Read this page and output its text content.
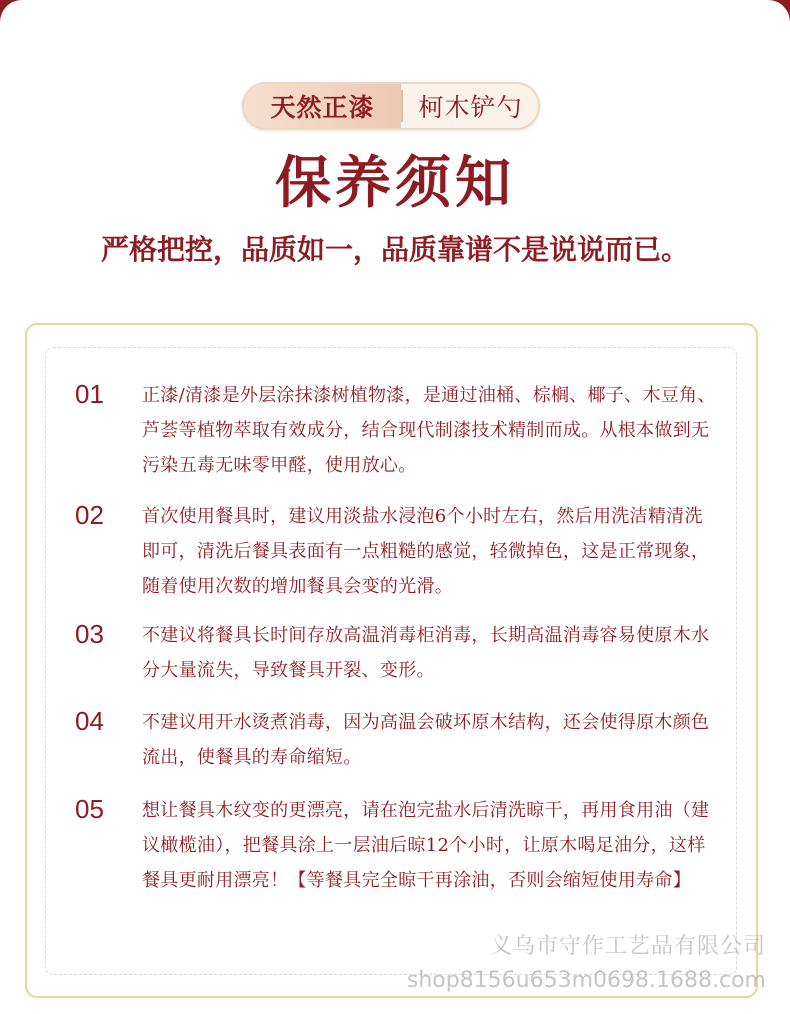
天然正漆	柯木铲勺
保养须知
严格把控，品质如一，品质靠谱不是说说而已。
01 正漆/清漆是外层涂抹漆树植物漆，是通过油桶、棕榈、椰子、木豆角、芦荟等植物萃取有效成分，结合现代制漆技术精制而成。从根本做到无污染五毒无味零甲醛，使用放心。
02 首次使用餐具时，建议用淡盐水浸泡6个小时左右，然后用洗洁精清洗即可，清洗后餐具表面有一点粗糙的感觉，轻微掉色，这是正常现象，随着使用次数的增加餐具会变的光滑。
03 不建议将餐具长时间存放高温消毒柜消毒，长期高温消毒容易使原木水分大量流失，导致餐具开裂、变形。
04 不建议用开水烫煮消毒，因为高温会破坏原木结构，还会使得原木颜色流出，使餐具的寿命缩短。
05 想让餐具木纹变的更漂亮，请在泡完盐水后清洗晾干，再用食用油（建议橄榄油），把餐具涂上一层油后晾12个小时，让原木喝足油分，这样餐具更耐用漂亮！【等餐具完全晾干再涂油，否则会缩短使用寿命】
义乌市守作工艺品有限公司
shop8156u653m0698.1688.com
